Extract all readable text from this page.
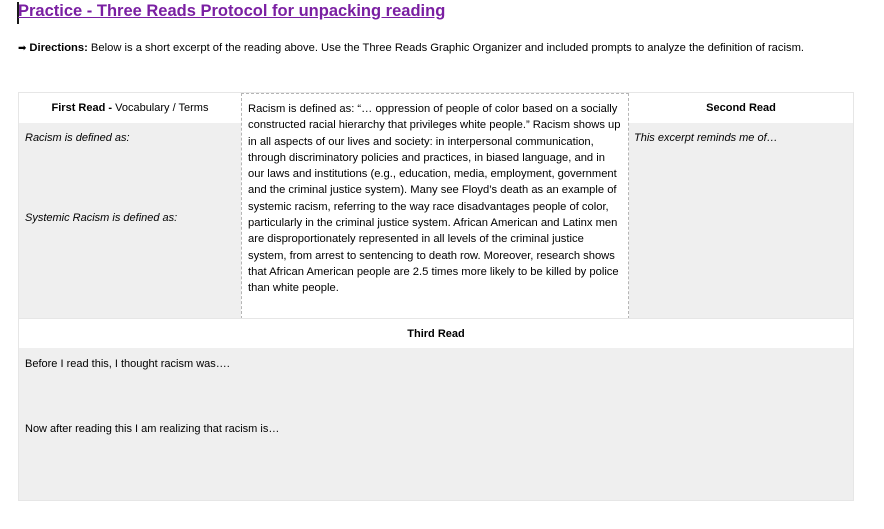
Practice - Three Reads Protocol for unpacking reading
➡ Directions: Below is a short excerpt of the reading above. Use the Three Reads Graphic Organizer and included prompts to analyze the definition of racism.
First Read - Vocabulary / Terms
Racism is defined as:
Systemic Racism is defined as:
Racism is defined as: “… oppression of people of color based on a socially constructed racial hierarchy that privileges white people.” Racism shows up in all aspects of our lives and society: in interpersonal communication, through discriminatory policies and practices, in biased language, and in our laws and institutions (e.g., education, media, employment, government and the criminal justice system). Many see Floyd’s death as an example of systemic racism, referring to the way race disadvantages people of color, particularly in the criminal justice system. African American and Latinx men are disproportionately represented in all levels of the criminal justice system, from arrest to sentencing to death row. Moreover, research shows that African American people are 2.5 times more likely to be killed by police than white people.
Second Read
This excerpt reminds me of…
Third Read
Before I read this, I thought racism was….
Now after reading this I am realizing that racism is…
